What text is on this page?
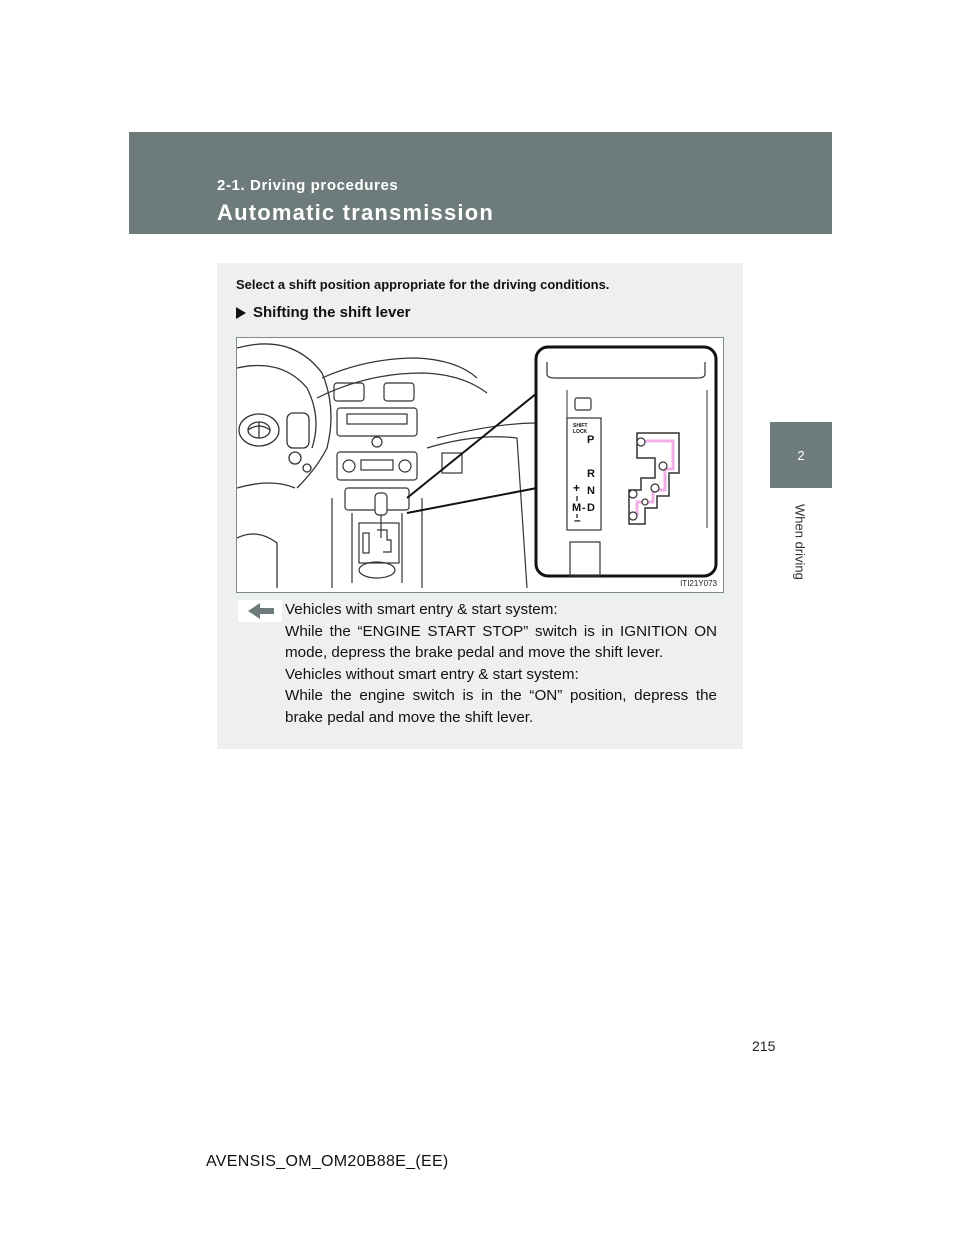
2-1. Driving procedures
Automatic transmission
2
When driving
Select a shift position appropriate for the driving conditions.
Shifting the shift lever
SHIFT
LOCK
P
R
N
D
M
+
–
-
ITI21Y073

Vehicles with smart entry & start system:

While the “ENGINE START STOP” switch is in IGNITION ON mode, depress the brake pedal and move the shift lever.

Vehicles without smart entry & start system:

While the engine switch is in the “ON” position, depress the brake pedal and move the shift lever.

215
AVENSIS_OM_OM20B88E_(EE)
